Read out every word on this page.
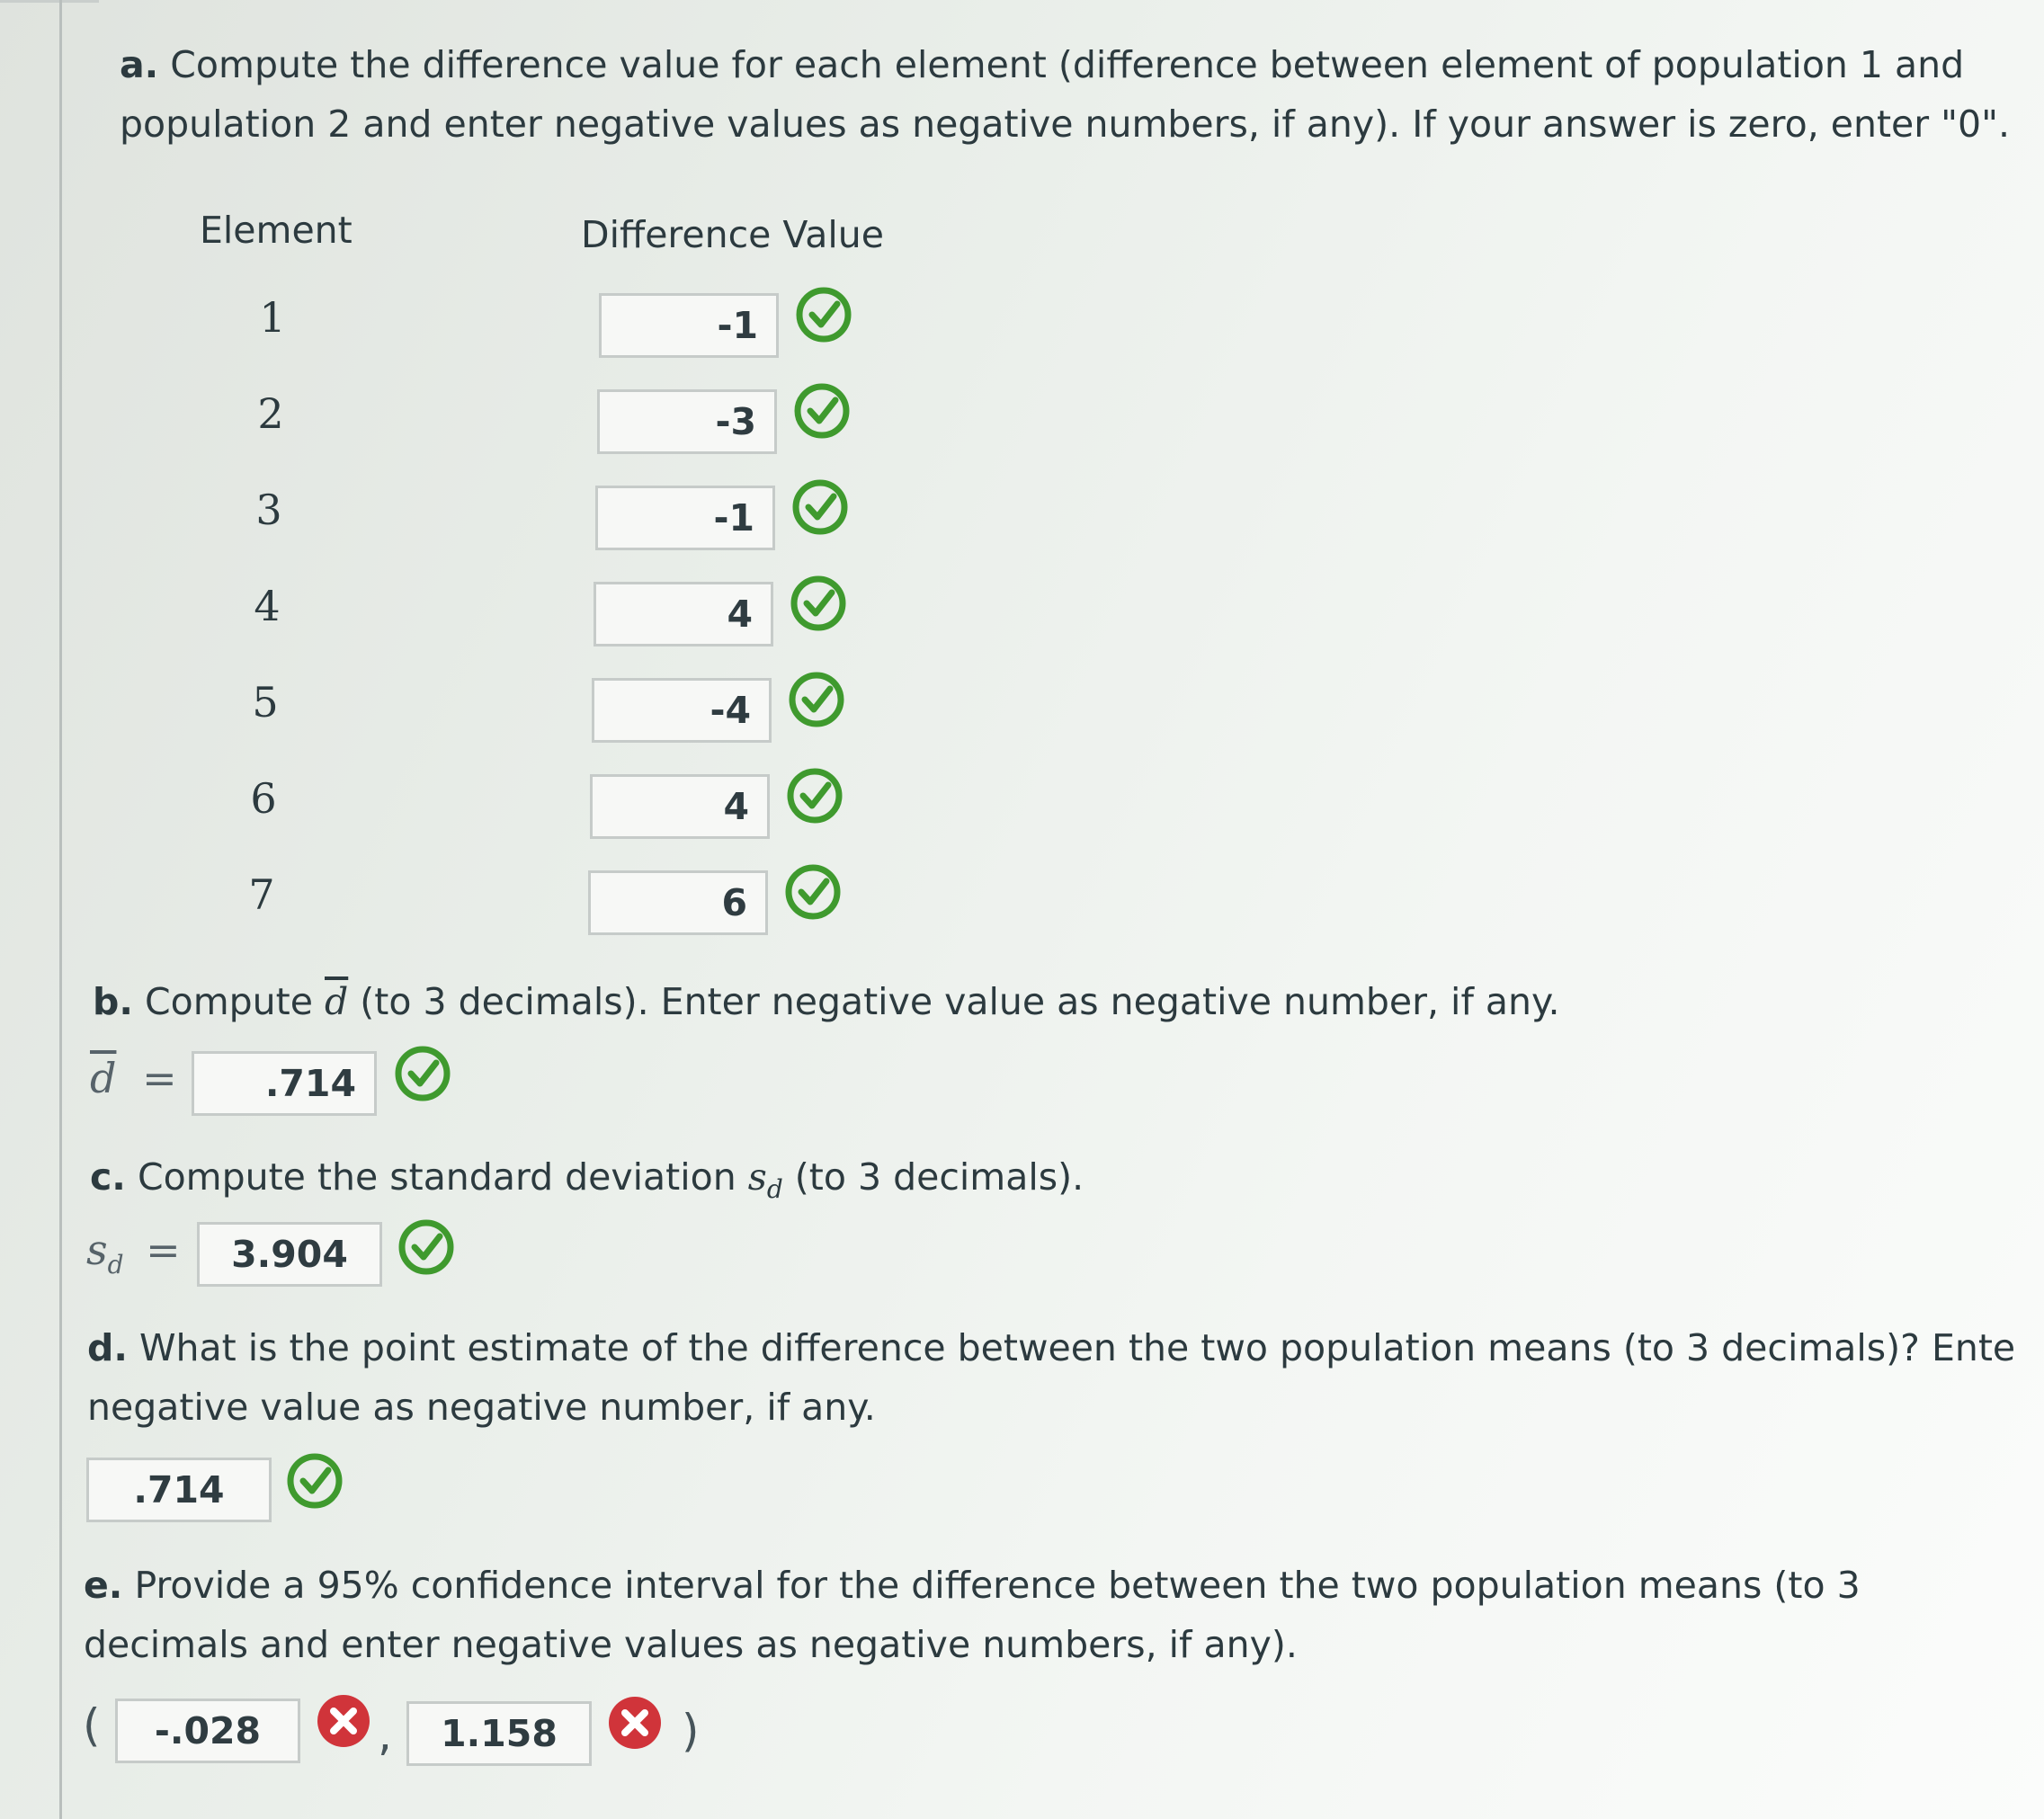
a. Compute the difference value for each element (difference between element of population 1 and

population 2 and enter negative values as negative numbers, if any). If your answer is zero, enter "0".

Element	Difference Value
1	-1
2	-3
3	-1
4	4
5	-4
6	4
7	6

b. Compute $\overline{d}$ (to 3 decimals). Enter negative value as negative number, if any.

$\overline{d}$ =	.714

c. Compute the standard deviation $s_d$ (to 3 decimals).

$s_d$ =	3.904

d. What is the point estimate of the difference between the two population means (to 3 decimals)? Ente

negative value as negative number, if any.

.714

e. Provide a 95% confidence interval for the difference between the two population means (to 3

decimals and enter negative values as negative numbers, if any).

(	-.028	,	1.158	)
